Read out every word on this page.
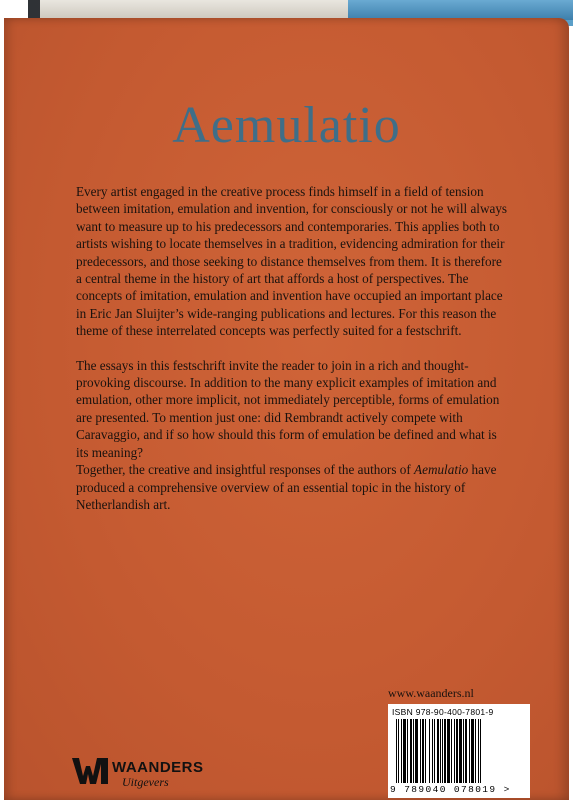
Aemulatio

Every artist engaged in the creative process finds himself in a field of tension between imitation, emulation and invention, for consciously or not he will always want to measure up to his predecessors and contemporaries. This applies both to artists wishing to locate themselves in a tradition, evidencing admiration for their predecessors, and those seeking to distance themselves from them. It is therefore a central theme in the history of art that affords a host of perspectives. The concepts of imitation, emulation and invention have occupied an important place in Eric Jan Sluijter’s wide-ranging publications and lectures. For this reason the theme of these interrelated concepts was perfectly suited for a festschrift.

The essays in this festschrift invite the reader to join in a rich and thought-provoking discourse. In addition to the many explicit examples of imitation and emulation, other more implicit, not immediately perceptible, forms of emulation are presented. To mention just one: did Rembrandt actively compete with Caravaggio, and if so how should this form of emulation be defined and what is its meaning?

Together, the creative and insightful responses of the authors of Aemulatio have produced a comprehensive overview of an essential topic in the history of Netherlandish art.

www.waanders.nl
ISBN 978-90-400-7801-9
9 789040 078019 >
WAANDERS
Uitgevers
